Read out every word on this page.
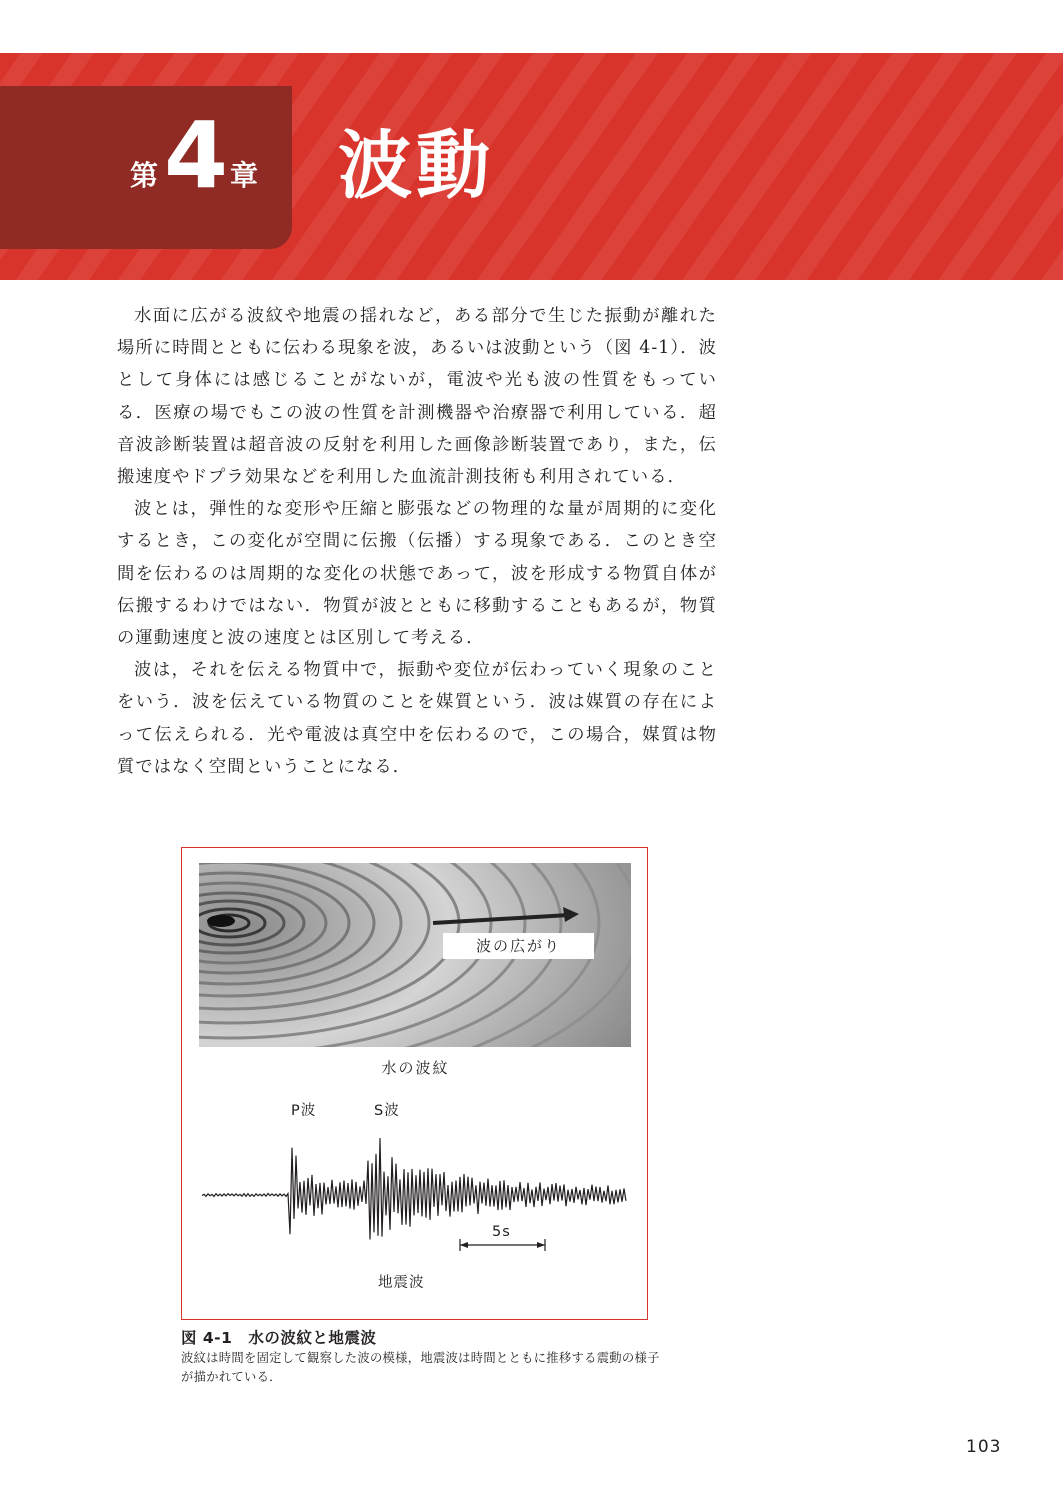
第 4 章 波動

水面に広がる波紋や地震の揺れなど，ある部分で生じた振動が離れた場所に時間とともに伝わる現象を波，あるいは波動という（図 4-1）．波として身体には感じることがないが，電波や光も波の性質をもっている．医療の場でもこの波の性質を計測機器や治療器で利用している．超音波診断装置は超音波の反射を利用した画像診断装置であり，また，伝搬速度やドプラ効果などを利用した血流計測技術も利用されている．

波とは，弾性的な変形や圧縮と膨張などの物理的な量が周期的に変化するとき，この変化が空間に伝搬（伝播）する現象である．このとき空間を伝わるのは周期的な変化の状態であって，波を形成する物質自体が伝搬するわけではない．物質が波とともに移動することもあるが，物質の運動速度と波の速度とは区別して考える．

波は，それを伝える物質中で，振動や変位が伝わっていく現象のことをいう．波を伝えている物質のことを媒質という．波は媒質の存在によって伝えられる．光や電波は真空中を伝わるので，この場合，媒質は物質ではなく空間ということになる．

波の広がり
水の波紋
P波	S波
5s
地震波
図 4-1　水の波紋と地震波
波紋は時間を固定して観察した波の模様，地震波は時間とともに推移する震動の様子が描かれている．
103
